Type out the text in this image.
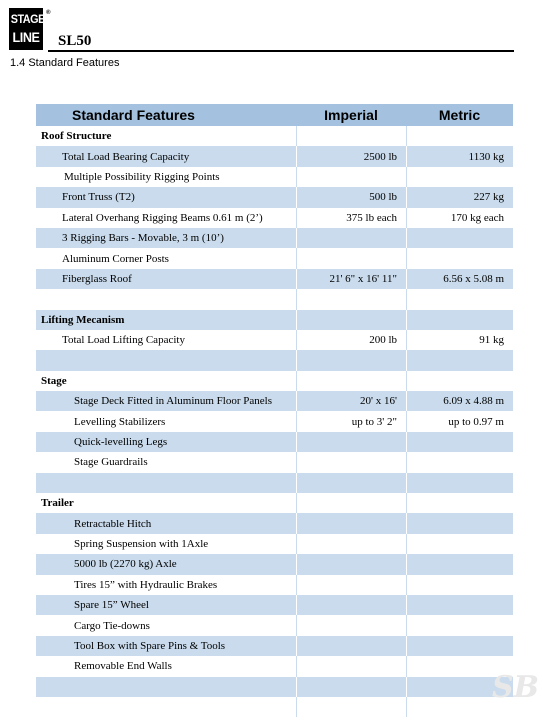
®
STAGE
LINE SL50
1.4 Standard Features
Standard Features	Imperial	Metric
Roof Structure
Total Load Bearing Capacity	2500 lb	1130 kg
Multiple Possibility Rigging Points
Front Truss (T2)	500 lb	227 kg
Lateral Overhang Rigging Beams 0.61 m (2’)	375 lb each	170 kg each
3 Rigging Bars - Movable, 3 m (10’)
Aluminum Corner Posts
Fiberglass Roof	21' 6" x 16' 11"	6.56 x 5.08 m
Lifting Mecanism
Total Load Lifting Capacity	200 lb	91 kg
Stage
Stage Deck Fitted in Aluminum Floor Panels	20' x 16'	6.09 x 4.88 m
Levelling Stabilizers	up to 3' 2"	up to 0.97 m
Quick-levelling Legs
Stage Guardrails
Trailer
Retractable Hitch
Spring Suspension with 1Axle
5000 lb (2270 kg) Axle
Tires 15” with Hydraulic Brakes
Spare 15” Wheel
Cargo Tie-downs
Tool Box with Spare Pins & Tools
Removable End Walls
SB
